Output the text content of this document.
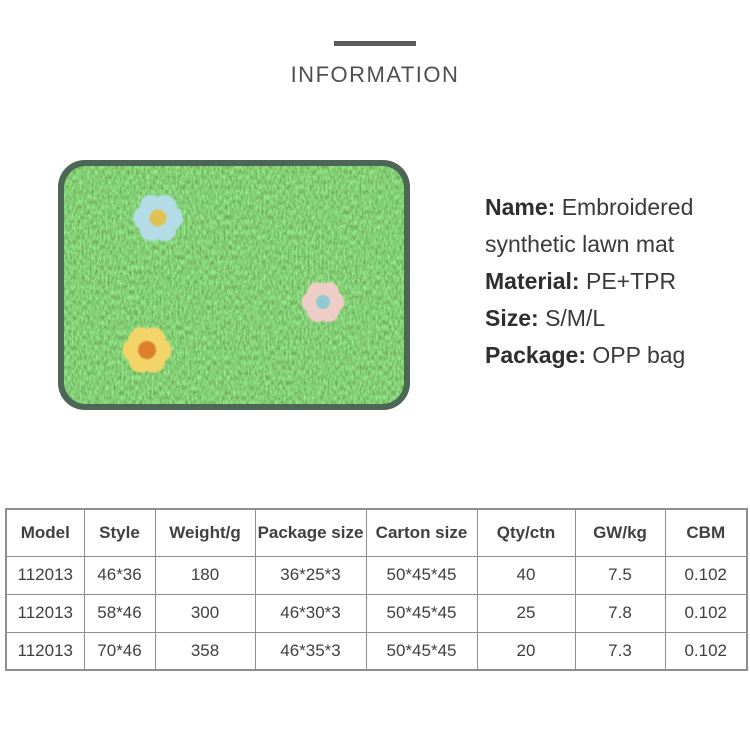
INFORMATION

Name: Embroidered synthetic lawn mat

Material: PE+TPR

Size: S/M/L

Package: OPP bag

Model	Style	Weight/g	Package size	Carton size	Qty/ctn	GW/kg	CBM
112013	46*36	180	36*25*3	50*45*45	40	7.5	0.102
112013	58*46	300	46*30*3	50*45*45	25	7.8	0.102
112013	70*46	358	46*35*3	50*45*45	20	7.3	0.102
